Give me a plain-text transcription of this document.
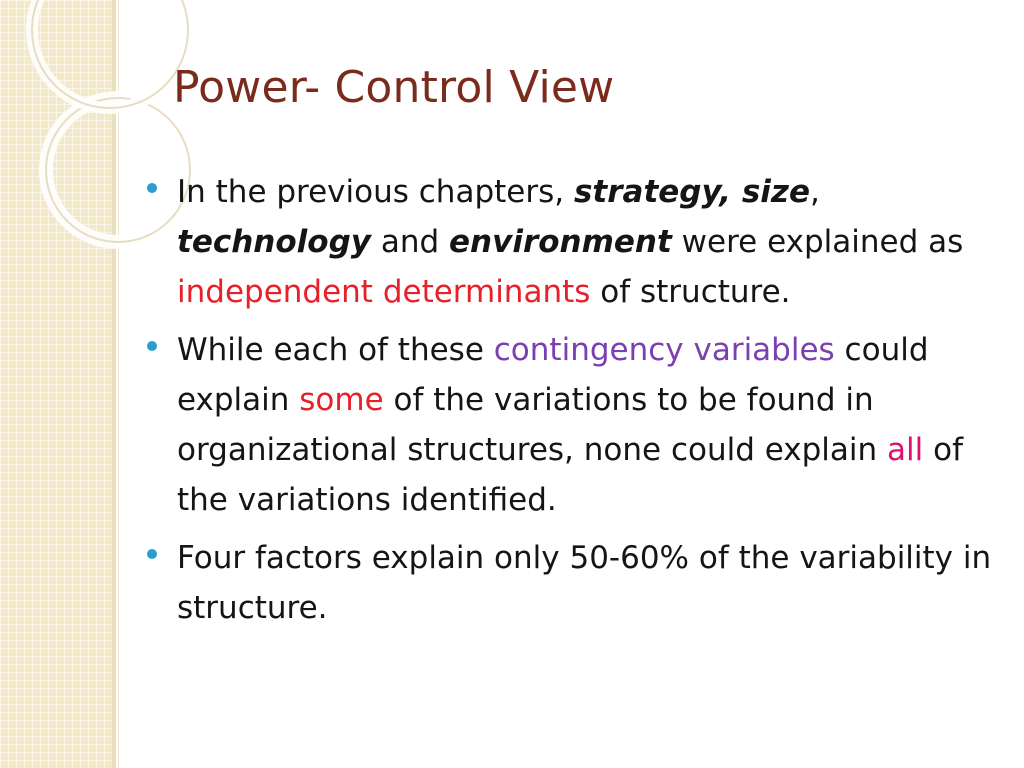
Power- Control View
In the previous chapters, strategy, size, technology and environment were explained as independent determinants of structure.
While each of these contingency variables could explain some of the variations to be found in organizational structures, none could explain all of the variations identified.
Four factors explain only 50-60% of the variability in structure.
